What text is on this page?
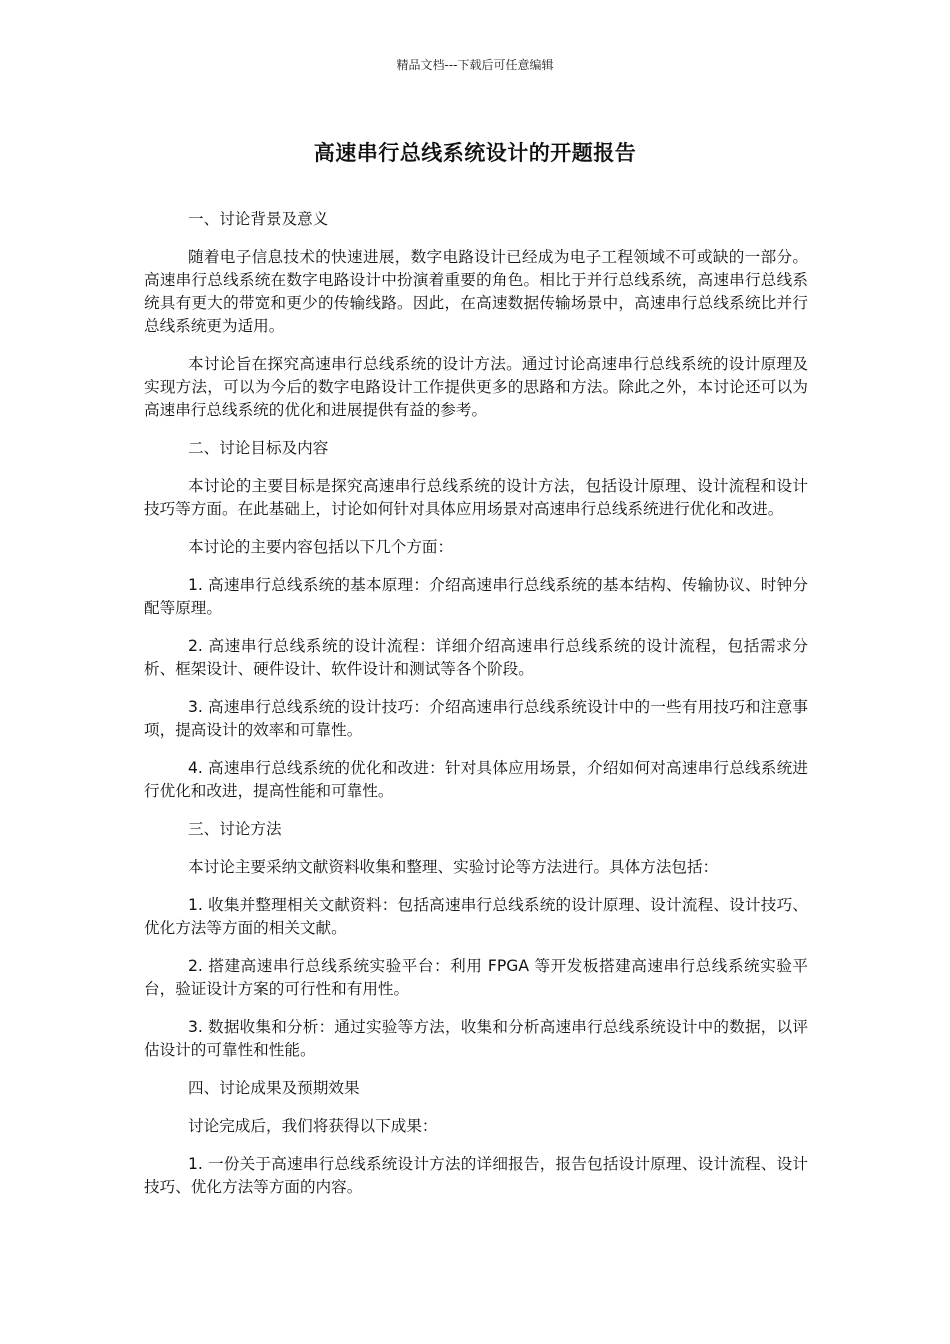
精品文档---下载后可任意编辑
高速串行总线系统设计的开题报告

一、讨论背景及意义

随着电子信息技术的快速进展，数字电路设计已经成为电子工程领域不可或缺的一部分。高速串行总线系统在数字电路设计中扮演着重要的角色。相比于并行总线系统，高速串行总线系统具有更大的带宽和更少的传输线路。因此，在高速数据传输场景中，高速串行总线系统比并行总线系统更为适用。

本讨论旨在探究高速串行总线系统的设计方法。通过讨论高速串行总线系统的设计原理及实现方法，可以为今后的数字电路设计工作提供更多的思路和方法。除此之外，本讨论还可以为高速串行总线系统的优化和进展提供有益的参考。

二、讨论目标及内容

本讨论的主要目标是探究高速串行总线系统的设计方法，包括设计原理、设计流程和设计技巧等方面。在此基础上，讨论如何针对具体应用场景对高速串行总线系统进行优化和改进。

本讨论的主要内容包括以下几个方面：

1. 高速串行总线系统的基本原理：介绍高速串行总线系统的基本结构、传输协议、时钟分配等原理。

2. 高速串行总线系统的设计流程：详细介绍高速串行总线系统的设计流程，包括需求分析、框架设计、硬件设计、软件设计和测试等各个阶段。

3. 高速串行总线系统的设计技巧：介绍高速串行总线系统设计中的一些有用技巧和注意事项，提高设计的效率和可靠性。

4. 高速串行总线系统的优化和改进：针对具体应用场景，介绍如何对高速串行总线系统进行优化和改进，提高性能和可靠性。

三、讨论方法

本讨论主要采纳文献资料收集和整理、实验讨论等方法进行。具体方法包括：

1. 收集并整理相关文献资料：包括高速串行总线系统的设计原理、设计流程、设计技巧、优化方法等方面的相关文献。

2. 搭建高速串行总线系统实验平台：利用 FPGA 等开发板搭建高速串行总线系统实验平台，验证设计方案的可行性和有用性。

3. 数据收集和分析：通过实验等方法，收集和分析高速串行总线系统设计中的数据，以评估设计的可靠性和性能。

四、讨论成果及预期效果

讨论完成后，我们将获得以下成果：

1. 一份关于高速串行总线系统设计方法的详细报告，报告包括设计原理、设计流程、设计技巧、优化方法等方面的内容。
